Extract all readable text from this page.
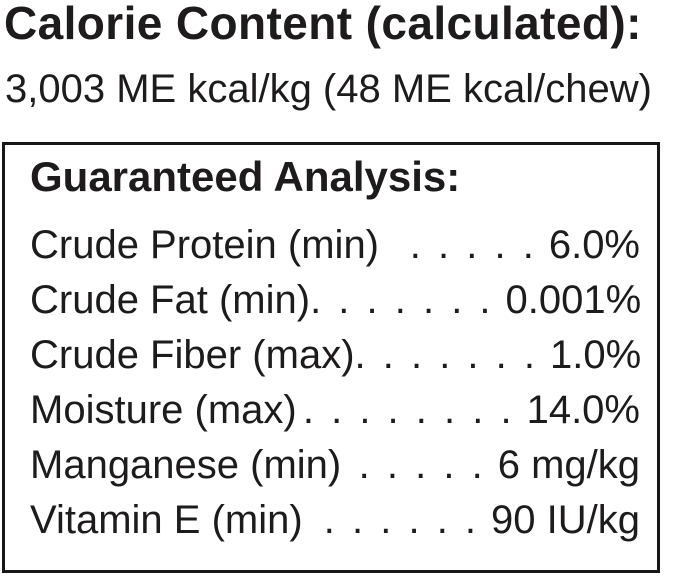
Calorie Content (calculated):

3,003 ME kcal/kg (48 ME kcal/chew)

Guaranteed Analysis:
Crude Protein (min) . . . . . 6.0%
Crude Fat (min) . . . . . . . 0.001%
Crude Fiber (max) . . . . . . . 1.0%
Moisture (max) . . . . . . . . 14.0%
Manganese (min) . . . . . 6 mg/kg
Vitamin E (min) . . . . . . 90 IU/kg
